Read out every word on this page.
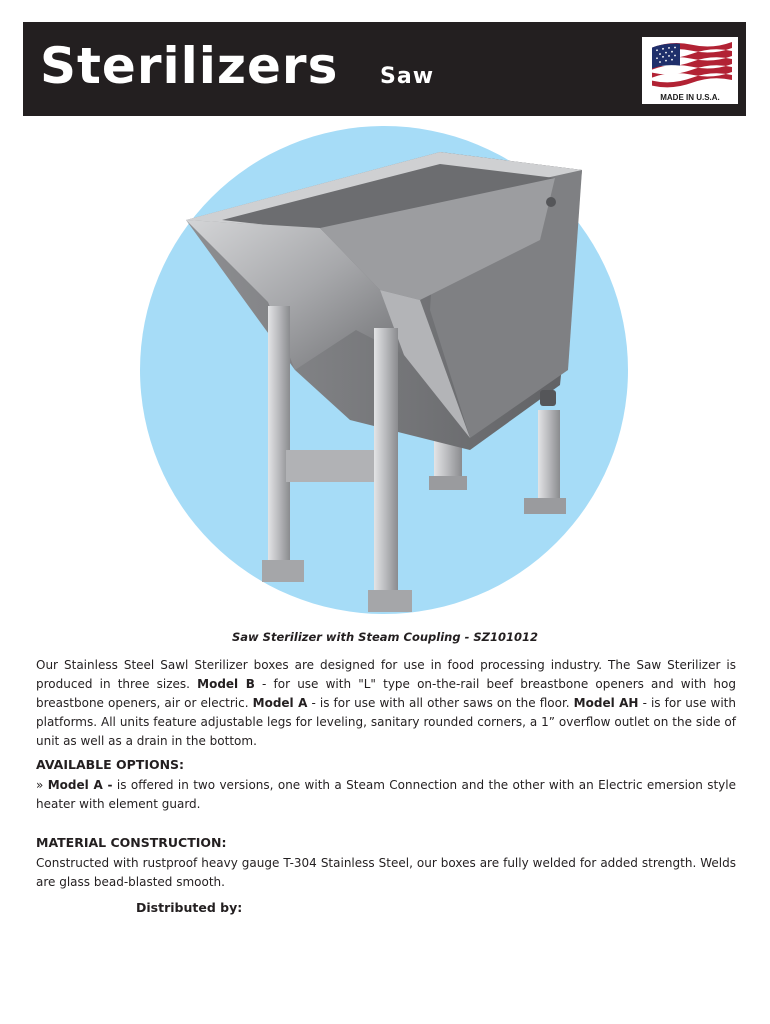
Sterilizers Saw
MADE IN U.S.A.
Saw Sterilizer with Steam Coupling - SZ101012

Our Stainless Steel Sawl Sterilizer boxes are designed for use in food processing industry. The Saw Sterilizer is produced in three sizes. Model B - for use with "L" type on-the-rail beef breastbone openers and with hog breastbone openers, air or electric. Model A - is for use with all other saws on the floor. Model AH - is for use with platforms. All units feature adjustable legs for leveling, sanitary rounded corners, a 1” overflow outlet on the side of unit as well as a drain in the bottom.

AVAILABLE OPTIONS:

» Model A - is offered in two versions, one with a Steam Connection and the other with an Electric emersion style heater with element guard.

MATERIAL CONSTRUCTION:

Constructed with rustproof heavy gauge T-304 Stainless Steel, our boxes are fully welded for added strength. Welds are glass bead-blasted smooth.

Distributed by:
